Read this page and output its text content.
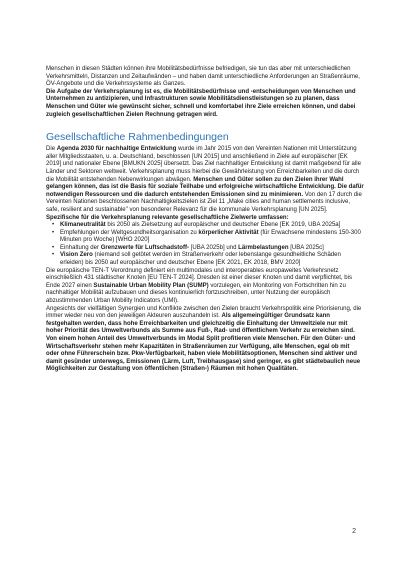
Menschen in diesen Städten können ihre Mobilitätsbedürfnisse befriedigen, sie tun das aber mit unterschiedlichen Verkehrsmitteln, Distanzen und Zeitaufwänden – und haben damit unterschiedliche Anforderungen an Straßenräume, ÖV-Angebote und die Verkehrssysteme als Ganzes.

Die Aufgabe der Verkehrsplanung ist es, die Mobilitätsbedürfnisse und -entscheidungen von Menschen und Unternehmen zu antizipieren, und Infrastrukturen sowie Mobilitätsdienstleistungen so zu planen, dass Menschen und Güter wie gewünscht sicher, schnell und komfortabel ihre Ziele erreichen können, und dabei zugleich gesellschaftlichen Zielen Rechnung getragen wird.

Gesellschaftliche Rahmenbedingungen

Die Agenda 2030 für nachhaltige Entwicklung wurde im Jahr 2015 von den Vereinten Nationen mit Unterstützung aller Mitgliedsstaaten, u. a. Deutschland, beschlossen [UN 2015] und anschließend in Ziele auf europäischer [EK 2019] und nationaler Ebene [BMUKN 2025] übersetzt. Das Ziel nachhaltiger Entwicklung ist damit maßgebend für alle Länder und Sektoren weltweit. Verkehrsplanung muss hierbei die Gewährleistung von Erreichbarkeiten und die durch die Mobilität entstehenden Nebenwirkungen abwägen. Menschen und Güter sollen zu den Zielen ihrer Wahl gelangen können, das ist die Basis für soziale Teilhabe und erfolgreiche wirtschaftliche Entwicklung. Die dafür notwendigen Ressourcen und die dadurch entstehenden Emissionen sind zu minimieren. Von den 17 durch die Vereinten Nationen beschlossenen Nachhaltigkeitszielen ist Ziel 11 „Make cities and human settlements inclusive, safe, resilient and sustainable" von besonderer Relevanz für die kommunale Verkehrsplanung [UN 2025].

Spezifische für die Verkehrsplanung relevante gesellschaftliche Zielwerte umfassen:

• Klimaneutralität bis 2050 als Zielsetzung auf europäischer und deutscher Ebene [EK 2019, UBA 2025a]
• Empfehlungen der Weltgesundheitsorganisation zu körperlicher Aktivität (für Erwachsene mindestens 150-300 Minuten pro Woche) [WHO 2020]
• Einhaltung der Grenzwerte für Luftschadstoff- [UBA 2025b] und Lärmbelastungen [UBA 2025c]
• Vision Zero (niemand soll getötet werden im Straßenverkehr oder lebenslange gesundheitliche Schäden erleiden) bis 2050 auf europäischer und deutscher Ebene [EK 2021, EK 2018, BMV 2020]

Die europäische TEN-T Verordnung definiert ein multimodales und interoperables europaweites Verkehrsnetz einschließlich 431 städtischer Knoten [EU TEN-T 2024]. Dresden ist einer dieser Knoten und damit verpflichtet, bis Ende 2027 einen Sustainable Urban Mobility Plan (SUMP) vorzulegen, ein Monitoring von Fortschritten hin zu nachhaltiger Mobilität aufzubauen und dieses kontinuierlich fortzuschreiben, unter Nutzung der europäisch abzustimmenden Urban Mobility Indicators (UMI).

Angesichts der vielfältigen Synergien und Konflikte zwischen den Zielen braucht Verkehrspolitik eine Priorisierung, die immer wieder neu von den jeweiligen Akteuren auszuhandeln ist. Als allgemeingültiger Grundsatz kann festgehalten werden, dass hohe Erreichbarkeiten und gleichzeitig die Einhaltung der Umweltziele nur mit hoher Priorität des Umweltverbunds als Summe aus Fuß-, Rad- und öffentlichem Verkehr zu erreichen sind. Von einem hohen Anteil des Umweltverbunds im Modal Split profitieren viele Menschen. Für den Güter- und Wirtschaftsverkehr stehen mehr Kapazitäten in Straßenräumen zur Verfügung, alle Menschen, egal ob mit oder ohne Führerschein bzw. Pkw-Verfügbarkeit, haben viele Mobilitätsoptionen, Menschen sind aktiver und damit gesünder unterwegs, Emissionen (Lärm, Luft, Treibhausgase) sind geringer, es gibt städtebaulich neue Möglichkeiten zur Gestaltung von öffentlichen (Straßen-) Räumen mit hohen Qualitäten.

2
